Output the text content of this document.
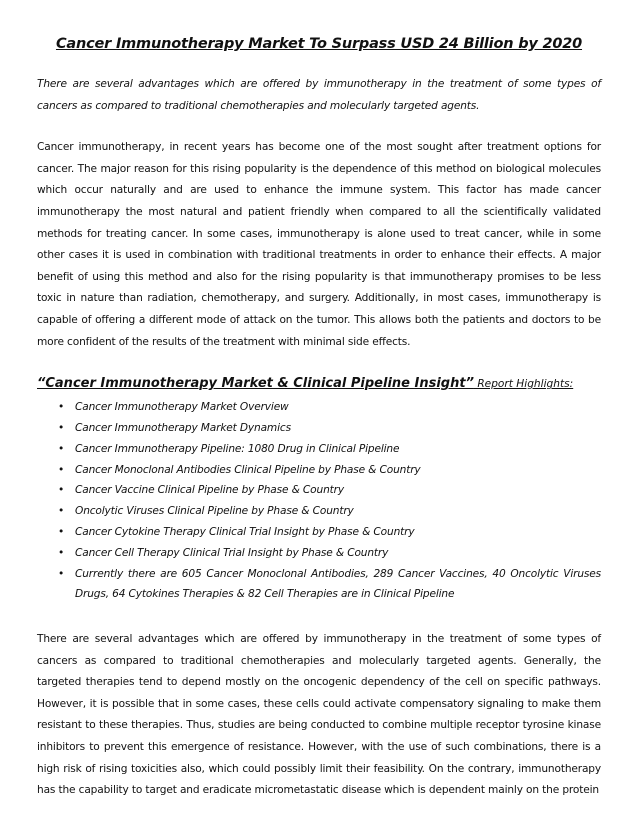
Cancer Immunotherapy Market To Surpass USD 24 Billion by 2020

There are several advantages which are offered by immunotherapy in the treatment of some types of cancers as compared to traditional chemotherapies and molecularly targeted agents.

Cancer immunotherapy, in recent years has become one of the most sought after treatment options for cancer. The major reason for this rising popularity is the dependence of this method on biological molecules which occur naturally and are used to enhance the immune system. This factor has made cancer immunotherapy the most natural and patient friendly when compared to all the scientifically validated methods for treating cancer. In some cases, immunotherapy is alone used to treat cancer, while in some other cases it is used in combination with traditional treatments in order to enhance their effects. A major benefit of using this method and also for the rising popularity is that immunotherapy promises to be less toxic in nature than radiation, chemotherapy, and surgery. Additionally, in most cases, immunotherapy is capable of offering a different mode of attack on the tumor. This allows both the patients and doctors to be more confident of the results of the treatment with minimal side effects.

“Cancer Immunotherapy Market & Clinical Pipeline Insight” Report Highlights:
• Cancer Immunotherapy Market Overview
• Cancer Immunotherapy Market Dynamics
• Cancer Immunotherapy Pipeline: 1080 Drug in Clinical Pipeline
• Cancer Monoclonal Antibodies Clinical Pipeline by Phase & Country
• Cancer Vaccine Clinical Pipeline by Phase & Country
• Oncolytic Viruses Clinical Pipeline by Phase & Country
• Cancer Cytokine Therapy Clinical Trial Insight by Phase & Country
• Cancer Cell Therapy Clinical Trial Insight by Phase & Country
• Currently there are 605 Cancer Monoclonal Antibodies, 289 Cancer Vaccines, 40 Oncolytic Viruses Drugs, 64 Cytokines Therapies & 82 Cell Therapies are in Clinical Pipeline

There are several advantages which are offered by immunotherapy in the treatment of some types of cancers as compared to traditional chemotherapies and molecularly targeted agents. Generally, the targeted therapies tend to depend mostly on the oncogenic dependency of the cell on specific pathways. However, it is possible that in some cases, these cells could activate compensatory signaling to make them resistant to these therapies. Thus, studies are being conducted to combine multiple receptor tyrosine kinase inhibitors to prevent this emergence of resistance. However, with the use of such combinations, there is a high risk of rising toxicities also, which could possibly limit their feasibility. On the contrary, immunotherapy has the capability to target and eradicate micrometastatic disease which is dependent mainly on the protein
